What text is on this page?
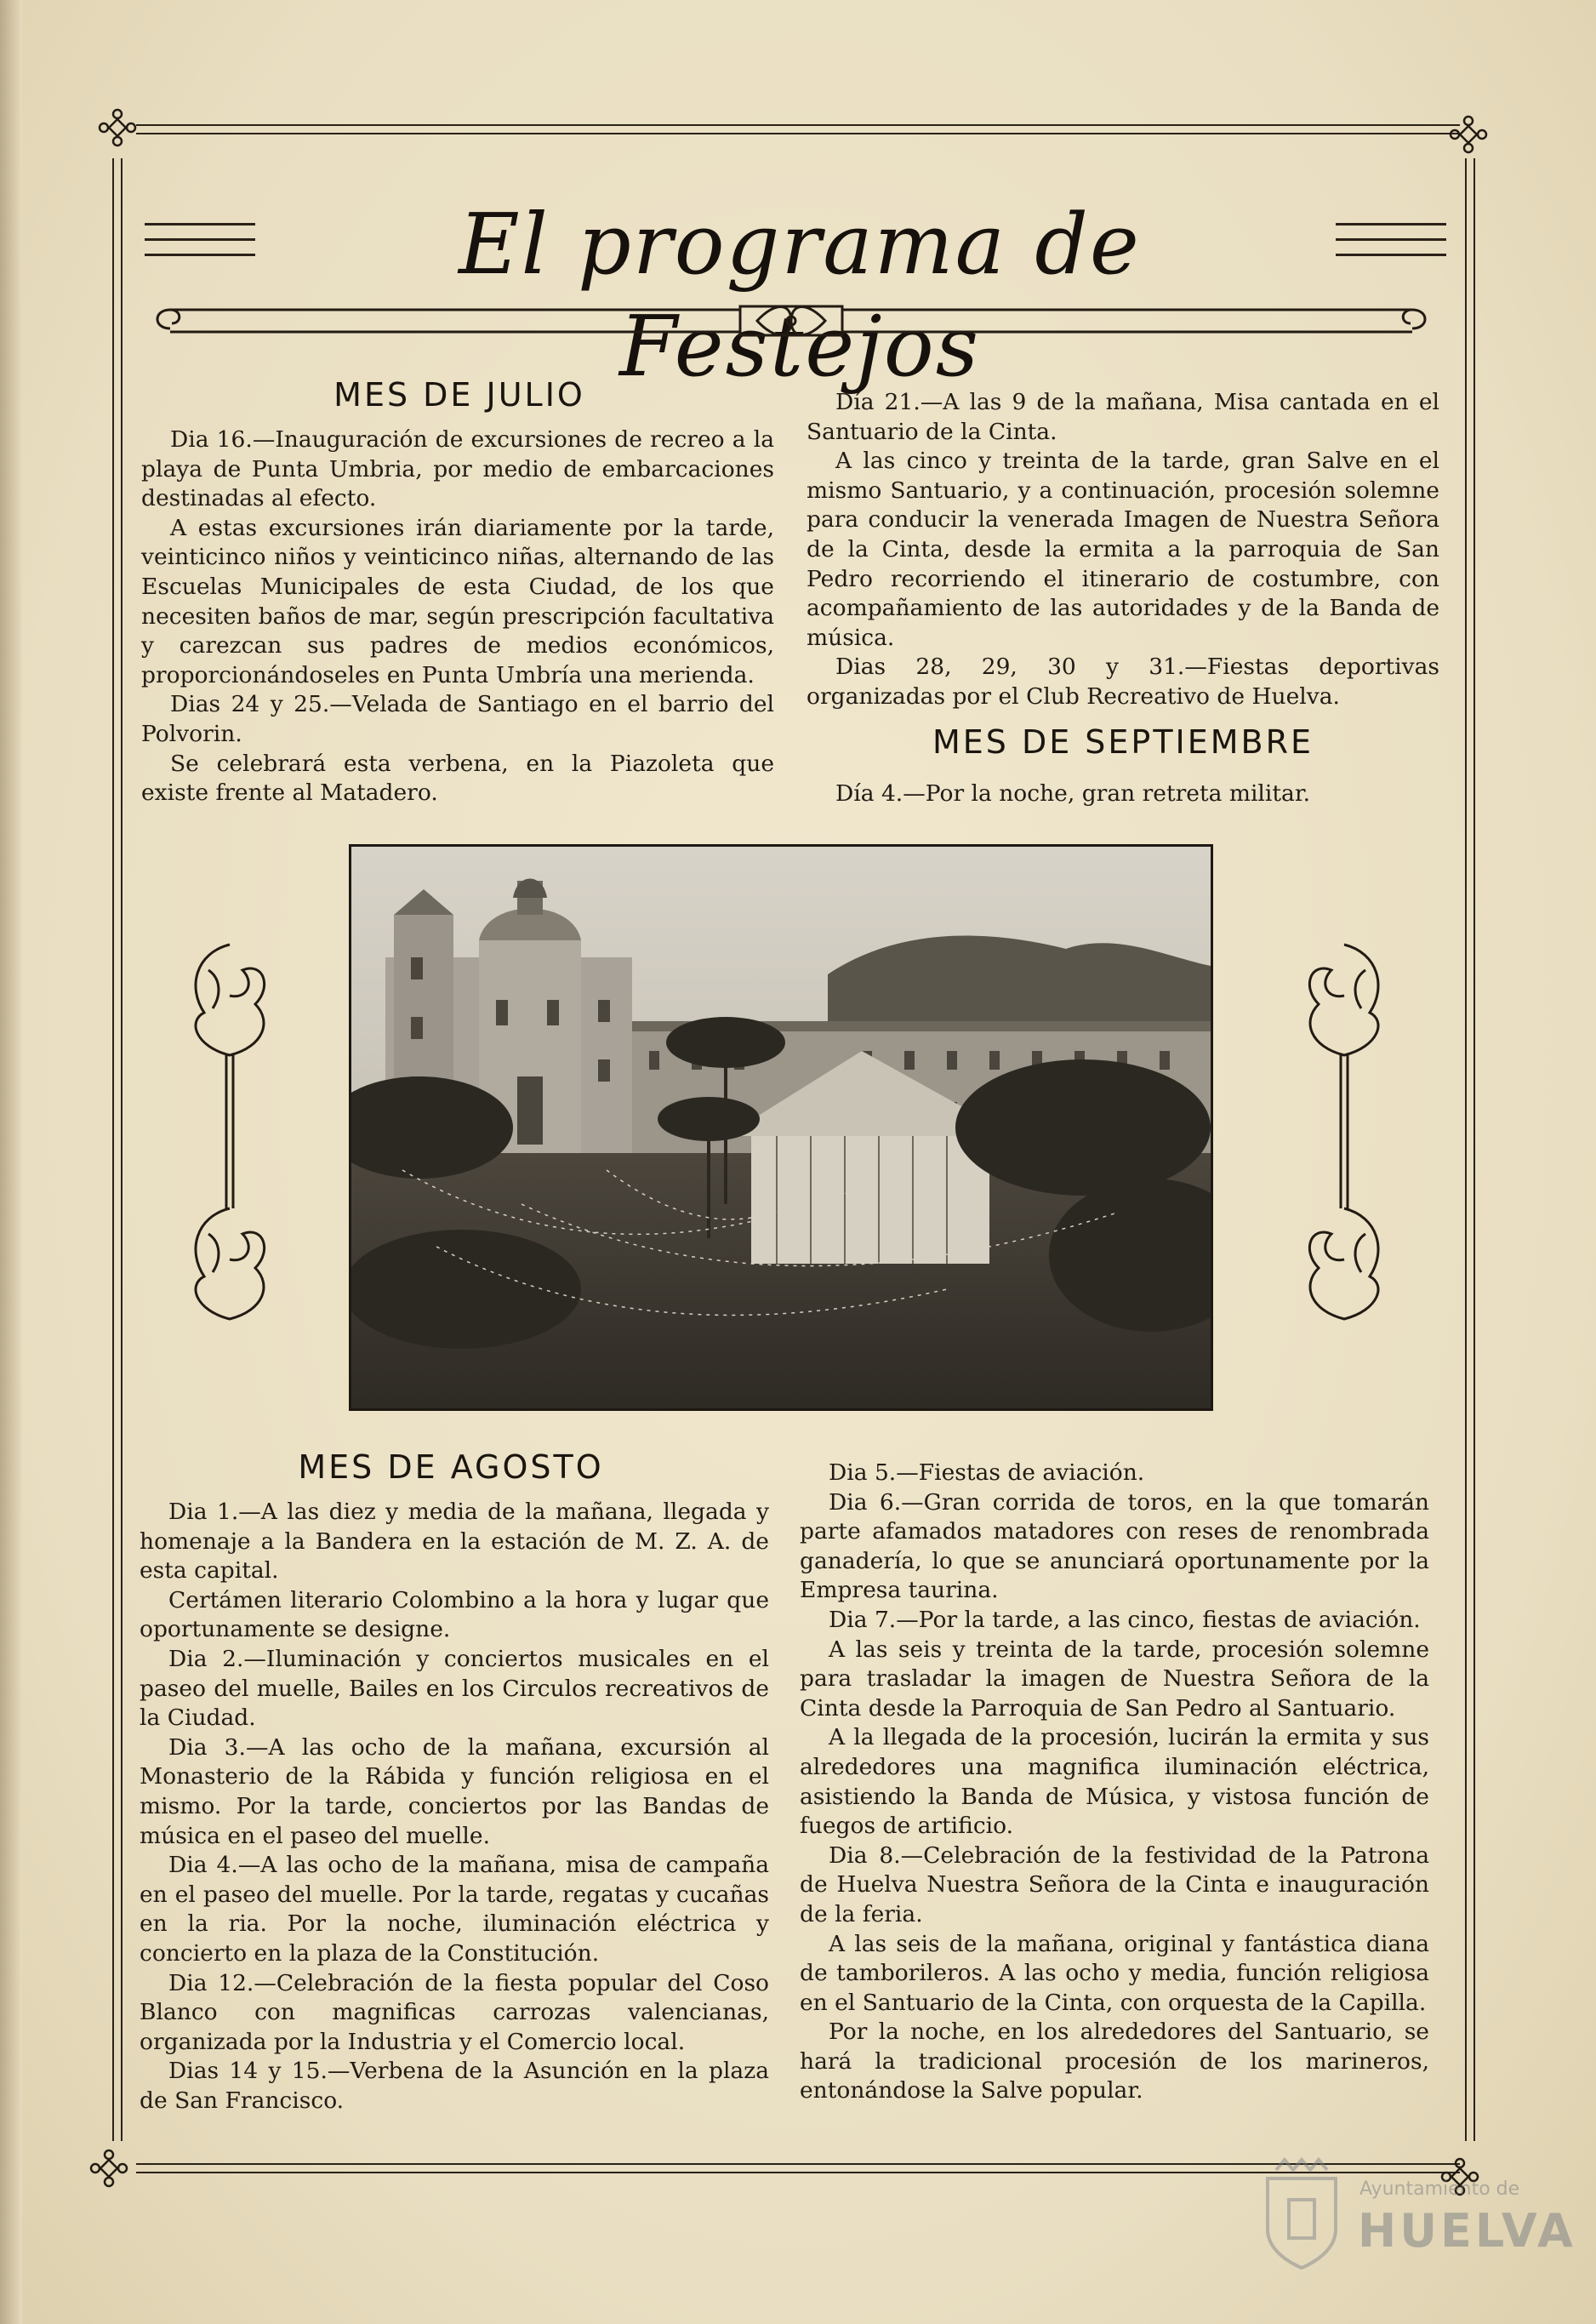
El programa de Festejos
MES DE JULIO

Dia 16.—Inauguración de excursiones de recreo a la playa de Punta Umbria, por medio de embarcaciones destinadas al efecto.

A estas excursiones irán diariamente por la tarde, veinticinco niños y veinticinco niñas, alternando de las Escuelas Municipales de esta Ciudad, de los que necesiten baños de mar, según prescripción facultativa y carezcan sus padres de medios económicos, proporcionándoseles en Punta Umbría una merienda.

Dias 24 y 25.—Velada de Santiago en el barrio del Polvorin.

Se celebrará esta verbena, en la Piazoleta que existe frente al Matadero.

Día 21.—A las 9 de la mañana, Misa cantada en el Santuario de la Cinta.

A las cinco y treinta de la tarde, gran Salve en el mismo Santuario, y a continuación, procesión solemne para conducir la venerada Imagen de Nuestra Señora de la Cinta, desde la ermita a la parroquia de San Pedro recorriendo el itinerario de costumbre, con acompañamiento de las autoridades y de la Banda de música.

Dias 28, 29, 30 y 31.—Fiestas deportivas organizadas por el Club Recreativo de Huelva.

MES DE SEPTIEMBRE

Día 4.—Por la noche, gran retreta militar.

MES DE AGOSTO

Dia 1.—A las diez y media de la mañana, llegada y homenaje a la Bandera en la estación de M. Z. A. de esta capital.

Certámen literario Colombino a la hora y lugar que oportunamente se designe.

Dia 2.—Iluminación y conciertos musicales en el paseo del muelle, Bailes en los Circulos recreativos de la Ciudad.

Dia 3.—A las ocho de la mañana, excursión al Monasterio de la Rábida y función religiosa en el mismo. Por la tarde, conciertos por las Bandas de música en el paseo del muelle.

Dia 4.—A las ocho de la mañana, misa de campaña en el paseo del muelle. Por la tarde, regatas y cucañas en la ria. Por la noche, iluminación eléctrica y concierto en la plaza de la Constitución.

Dia 12.—Celebración de la fiesta popular del Coso Blanco con magnificas carrozas valencianas, organizada por la Industria y el Comercio local.

Dias 14 y 15.—Verbena de la Asunción en la plaza de San Francisco.

Dia 5.—Fiestas de aviación.

Dia 6.—Gran corrida de toros, en la que tomarán parte afamados matadores con reses de renombrada ganadería, lo que se anunciará oportunamente por la Empresa taurina.

Dia 7.—Por la tarde, a las cinco, fiestas de aviación.

A las seis y treinta de la tarde, procesión solemne para trasladar la imagen de Nuestra Señora de la Cinta desde la Parroquia de San Pedro al Santuario.

A la llegada de la procesión, lucirán la ermita y sus alrededores una magnifica iluminación eléctrica, asistiendo la Banda de Música, y vistosa función de fuegos de artificio.

Dia 8.—Celebración de la festividad de la Patrona de Huelva Nuestra Señora de la Cinta e inauguración de la feria.

A las seis de la mañana, original y fantástica diana de tamborileros. A las ocho y media, función religiosa en el Santuario de la Cinta, con orquesta de la Capilla.

Por la noche, en los alrededores del Santuario, se hará la tradicional procesión de los marineros, entonándose la Salve popular.

Ayuntamiento de
HUELVA
